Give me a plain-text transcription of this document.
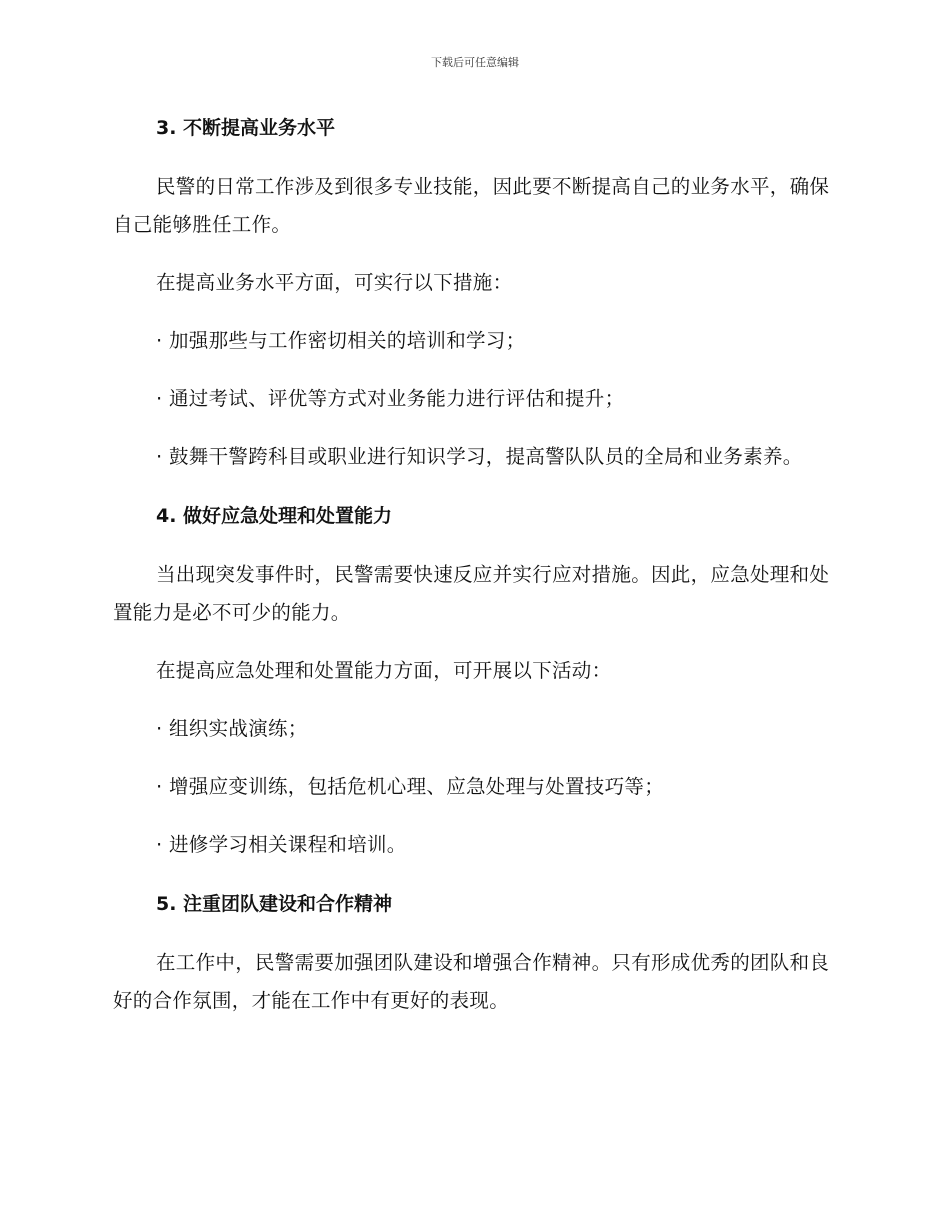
下载后可任意编辑
3. 不断提高业务水平

民警的日常工作涉及到很多专业技能，因此要不断提高自己的业务水平，确保自己能够胜任工作。

在提高业务水平方面，可实行以下措施：

· 加强那些与工作密切相关的培训和学习；

· 通过考试、评优等方式对业务能力进行评估和提升；

· 鼓舞干警跨科目或职业进行知识学习，提高警队队员的全局和业务素养。

4. 做好应急处理和处置能力

当出现突发事件时，民警需要快速反应并实行应对措施。因此，应急处理和处置能力是必不可少的能力。

在提高应急处理和处置能力方面，可开展以下活动：

· 组织实战演练；

· 增强应变训练，包括危机心理、应急处理与处置技巧等；

· 进修学习相关课程和培训。

5. 注重团队建设和合作精神

在工作中，民警需要加强团队建设和增强合作精神。只有形成优秀的团队和良好的合作氛围，才能在工作中有更好的表现。
